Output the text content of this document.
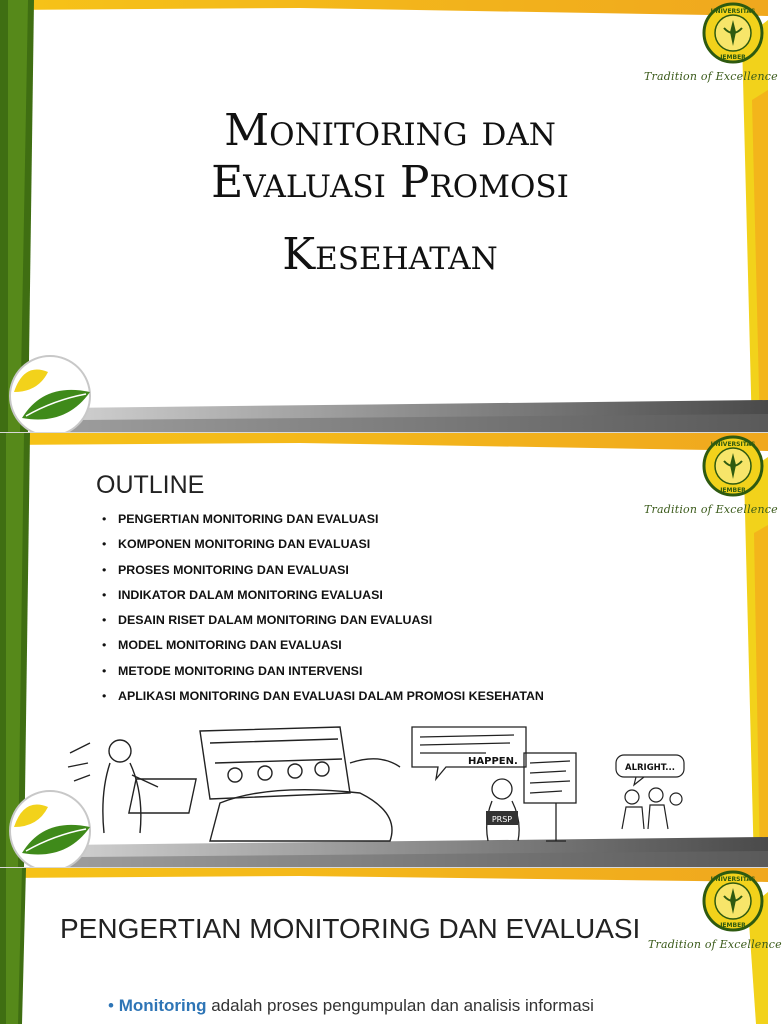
UNIVERSITAS
JEMBER
Tradition of Excellence
Monitoring dan
Evaluasi Promosi
Kesehatan
UNIVERSITAS
JEMBER
Tradition of Excellence
OUTLINE
• PENGERTIAN MONITORING DAN EVALUASI
• KOMPONEN MONITORING DAN EVALUASI
• PROSES MONITORING DAN EVALUASI
• INDIKATOR DALAM MONITORING EVALUASI
• DESAIN RISET DALAM MONITORING DAN EVALUASI
• MODEL MONITORING DAN EVALUASI
• METODE MONITORING DAN INTERVENSI
• APLIKASI MONITORING DAN EVALUASI DALAM PROMOSI KESEHATAN
HAPPEN.
PRSP
ALRIGHT...
UNIVERSITAS
JEMBER
PENGERTIAN MONITORING DAN EVALUASI
Tradition of Excellence

• Monitoring adalah proses pengumpulan dan analisis informasi
